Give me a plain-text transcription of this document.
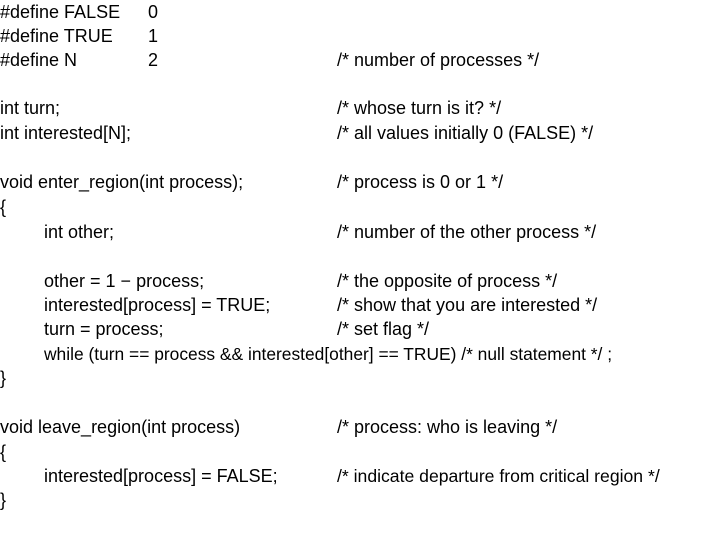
#define FALSE

0

#define TRUE

1

#define N

	2

	/* number of processes */

int turn;

	/* whose turn is it? */

int interested[N];

	/* all values initially 0 (FALSE) */

void enter_region(int process);

	/* process is 0 or 1 */

{

int other;

	/* number of the other process */

other = 1 − process;

	/* the opposite of process */

interested[process] = TRUE;

	/* show that you are interested */

turn = process;

	/* set flag */

while (turn == process && interested[other] == TRUE) /* null statement */ ;

}

void leave_region(int process)

	/* process: who is leaving */

{

interested[process] = FALSE;

	/* indicate departure from critical region */

}
